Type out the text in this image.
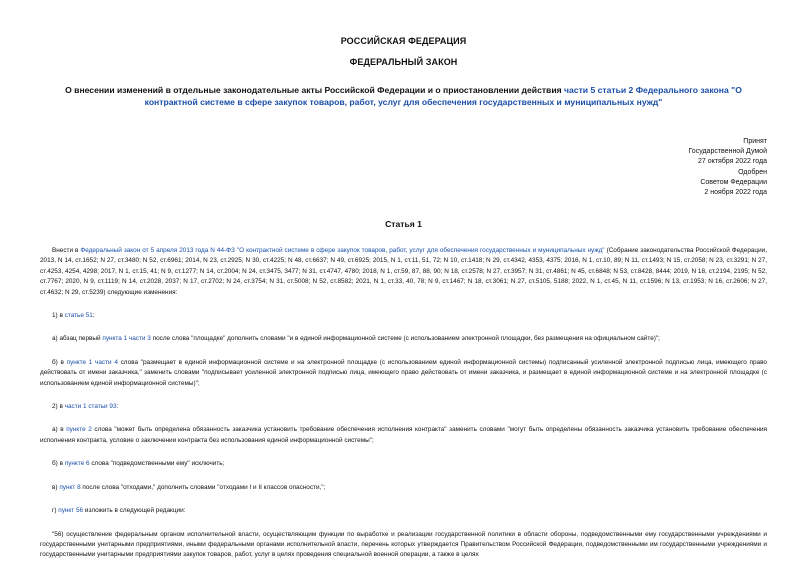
РОССИЙСКАЯ ФЕДЕРАЦИЯ
ФЕДЕРАЛЬНЫЙ ЗАКОН
О внесении изменений в отдельные законодательные акты Российской Федерации и о приостановлении действия части 5 статьи 2 Федерального закона "О контрактной системе в сфере закупок товаров, работ, услуг для обеспечения государственных и муниципальных нужд"
Принят
Государственной Думой
27 октября 2022 года
Одобрен
Советом Федерации
2 ноября 2022 года
Статья 1

Внести в Федеральный закон от 5 апреля 2013 года N 44-ФЗ "О контрактной системе в сфере закупок товаров, работ, услуг для обеспечения государственных и муниципальных нужд" (Собрание законодательства Российской Федерации, 2013, N 14, ст.1652; N 27, ст.3480; N 52, ст.6961; 2014, N 23, ст.2925; N 30, ст.4225; N 48, ст.6637; N 49, ст.6925; 2015, N 1, ст.11, 51, 72; N 10, ст.1418; N 29, ст.4342, 4353, 4375; 2016, N 1, ст.10, 89; N 11, ст.1493; N 15, ст.2058; N 23, ст.3291; N 27, ст.4253, 4254, 4298; 2017, N 1, ст.15, 41; N 9, ст.1277; N 14, ст.2004; N 24, ст.3475, 3477; N 31, ст.4747, 4780; 2018, N 1, ст.59, 87, 88, 90; N 18, ст.2578; N 27, ст.3957; N 31, ст.4861; N 45, ст.6848; N 53, ст.8428, 8444; 2019, N 18, ст.2194, 2195; N 52, ст.7767; 2020, N 9, ст.1119; N 14, ст.2028, 2037; N 17, ст.2702; N 24, ст.3754; N 31, ст.5008; N 52, ст.8582; 2021, N 1, ст.33, 40, 78; N 9, ст.1467; N 18, ст.3061; N 27, ст.5105, 5188; 2022, N 1, ст.45, N 11, ст.1596; N 13, ст.1953; N 16, ст.2606; N 27, ст.4632; N 29, ст.5239) следующие изменения:

1) в статье 51:

а) абзац первый пункта 1 части 3 после слова "площадке" дополнить словами "и в единой информационной системе (с использованием электронной площадки, без размещения на официальном сайте)";

б) в пункте 1 части 4 слова "размещает в единой информационной системе и на электронной площадке (с использованием единой информационной системы) подписанный усиленной электронной подписью лица, имеющего право действовать от имени заказчика," заменить словами "подписывает усиленной электронной подписью лица, имеющего право действовать от имени заказчика, и размещает в единой информационной системе и на электронной площадке (с использованием единой информационной системы)";

2) в части 1 статьи 93:

а) в пункте 2 слова "может быть определена обязанность заказчика установить требование обеспечения исполнения контракта" заменить словами "могут быть определены обязанность заказчика установить требование обеспечения исполнения контракта, условие о заключении контракта без использования единой информационной системы";

б) в пункте 6 слова "подведомственными ему" исключить;

в) пункт 8 после слова "отходами," дополнить словами "отходами I и II классов опасности,";

г) пункт 56 изложить в следующей редакции:

"56) осуществление федеральным органом исполнительной власти, осуществляющим функции по выработке и реализации государственной политики в области обороны, подведомственными ему государственными учреждениями и государственными унитарными предприятиями, иными федеральными органами исполнительной власти, перечень которых утверждается Правительством Российской Федерации, подведомственными им государственными учреждениями и государственными унитарными предприятиями закупок товаров, работ, услуг в целях проведения специальной военной операции, а также в целях
